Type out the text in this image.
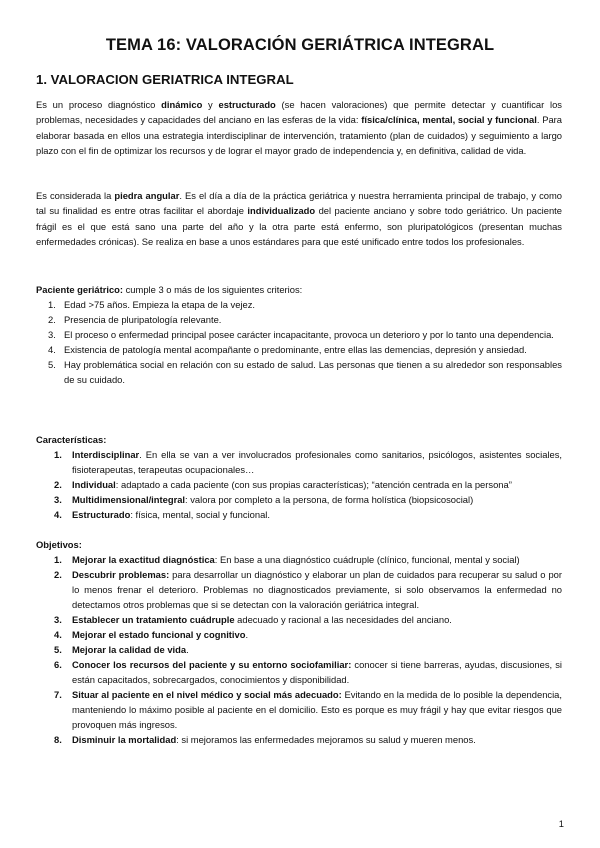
TEMA 16: VALORACIÓN GERIÁTRICA INTEGRAL
1. VALORACION GERIATRICA INTEGRAL

Es un proceso diagnóstico dinámico y estructurado (se hacen valoraciones) que permite detectar y cuantificar los problemas, necesidades y capacidades del anciano en las esferas de la vida: física/clínica, mental, social y funcional. Para elaborar basada en ellos una estrategia interdisciplinar de intervención, tratamiento (plan de cuidados) y seguimiento a largo plazo con el fin de optimizar los recursos y de lograr el mayor grado de independencia y, en definitiva, calidad de vida.

Es considerada la piedra angular. Es el día a día de la práctica geriátrica y nuestra herramienta principal de trabajo, y como tal su finalidad es entre otras facilitar el abordaje individualizado del paciente anciano y sobre todo geriátrico. Un paciente frágil es el que está sano una parte del año y la otra parte está enfermo, son pluripatológicos (presentan muchas enfermedades crónicas). Se realiza en base a unos estándares para que esté unificado entre todos los profesionales.

Paciente geriátrico: cumple 3 o más de los siguientes criterios:

1. Edad >75 años. Empieza la etapa de la vejez.
2. Presencia de pluripatología relevante.
3. El proceso o enfermedad principal posee carácter incapacitante, provoca un deterioro y por lo tanto una dependencia.
4. Existencia de patología mental acompañante o predominante, entre ellas las demencias, depresión y ansiedad.
5. Hay problemática social en relación con su estado de salud. Las personas que tienen a su alrededor son responsables de su cuidado.

Características:

1. Interdisciplinar. En ella se van a ver involucrados profesionales como sanitarios, psicólogos, asistentes sociales, fisioterapeutas, terapeutas ocupacionales…
2. Individual: adaptado a cada paciente (con sus propias características); “atención centrada en la persona”
3. Multidimensional/integral: valora por completo a la persona, de forma holística (biopsicosocial)
4. Estructurado: física, mental, social y funcional.

Objetivos:

1. Mejorar la exactitud diagnóstica: En base a una diagnóstico cuádruple (clínico, funcional, mental y social)
2. Descubrir problemas: para desarrollar un diagnóstico y elaborar un plan de cuidados para recuperar su salud o por lo menos frenar el deterioro. Problemas no diagnosticados previamente, si solo observamos la enfermedad no detectamos otros problemas que si se detectan con la valoración geriátrica integral.
3. Establecer un tratamiento cuádruple adecuado y racional a las necesidades del anciano.
4. Mejorar el estado funcional y cognitivo.
5. Mejorar la calidad de vida.
6. Conocer los recursos del paciente y su entorno sociofamiliar: conocer si tiene barreras, ayudas, discusiones, si están capacitados, sobrecargados, conocimientos y disponibilidad.
7. Situar al paciente en el nivel médico y social más adecuado: Evitando en la medida de lo posible la dependencia, manteniendo lo máximo posible al paciente en el domicilio. Esto es porque es muy frágil y hay que evitar riesgos que provoquen más ingresos.
8. Disminuir la mortalidad: si mejoramos las enfermedades mejoramos su salud y mueren menos.
1
